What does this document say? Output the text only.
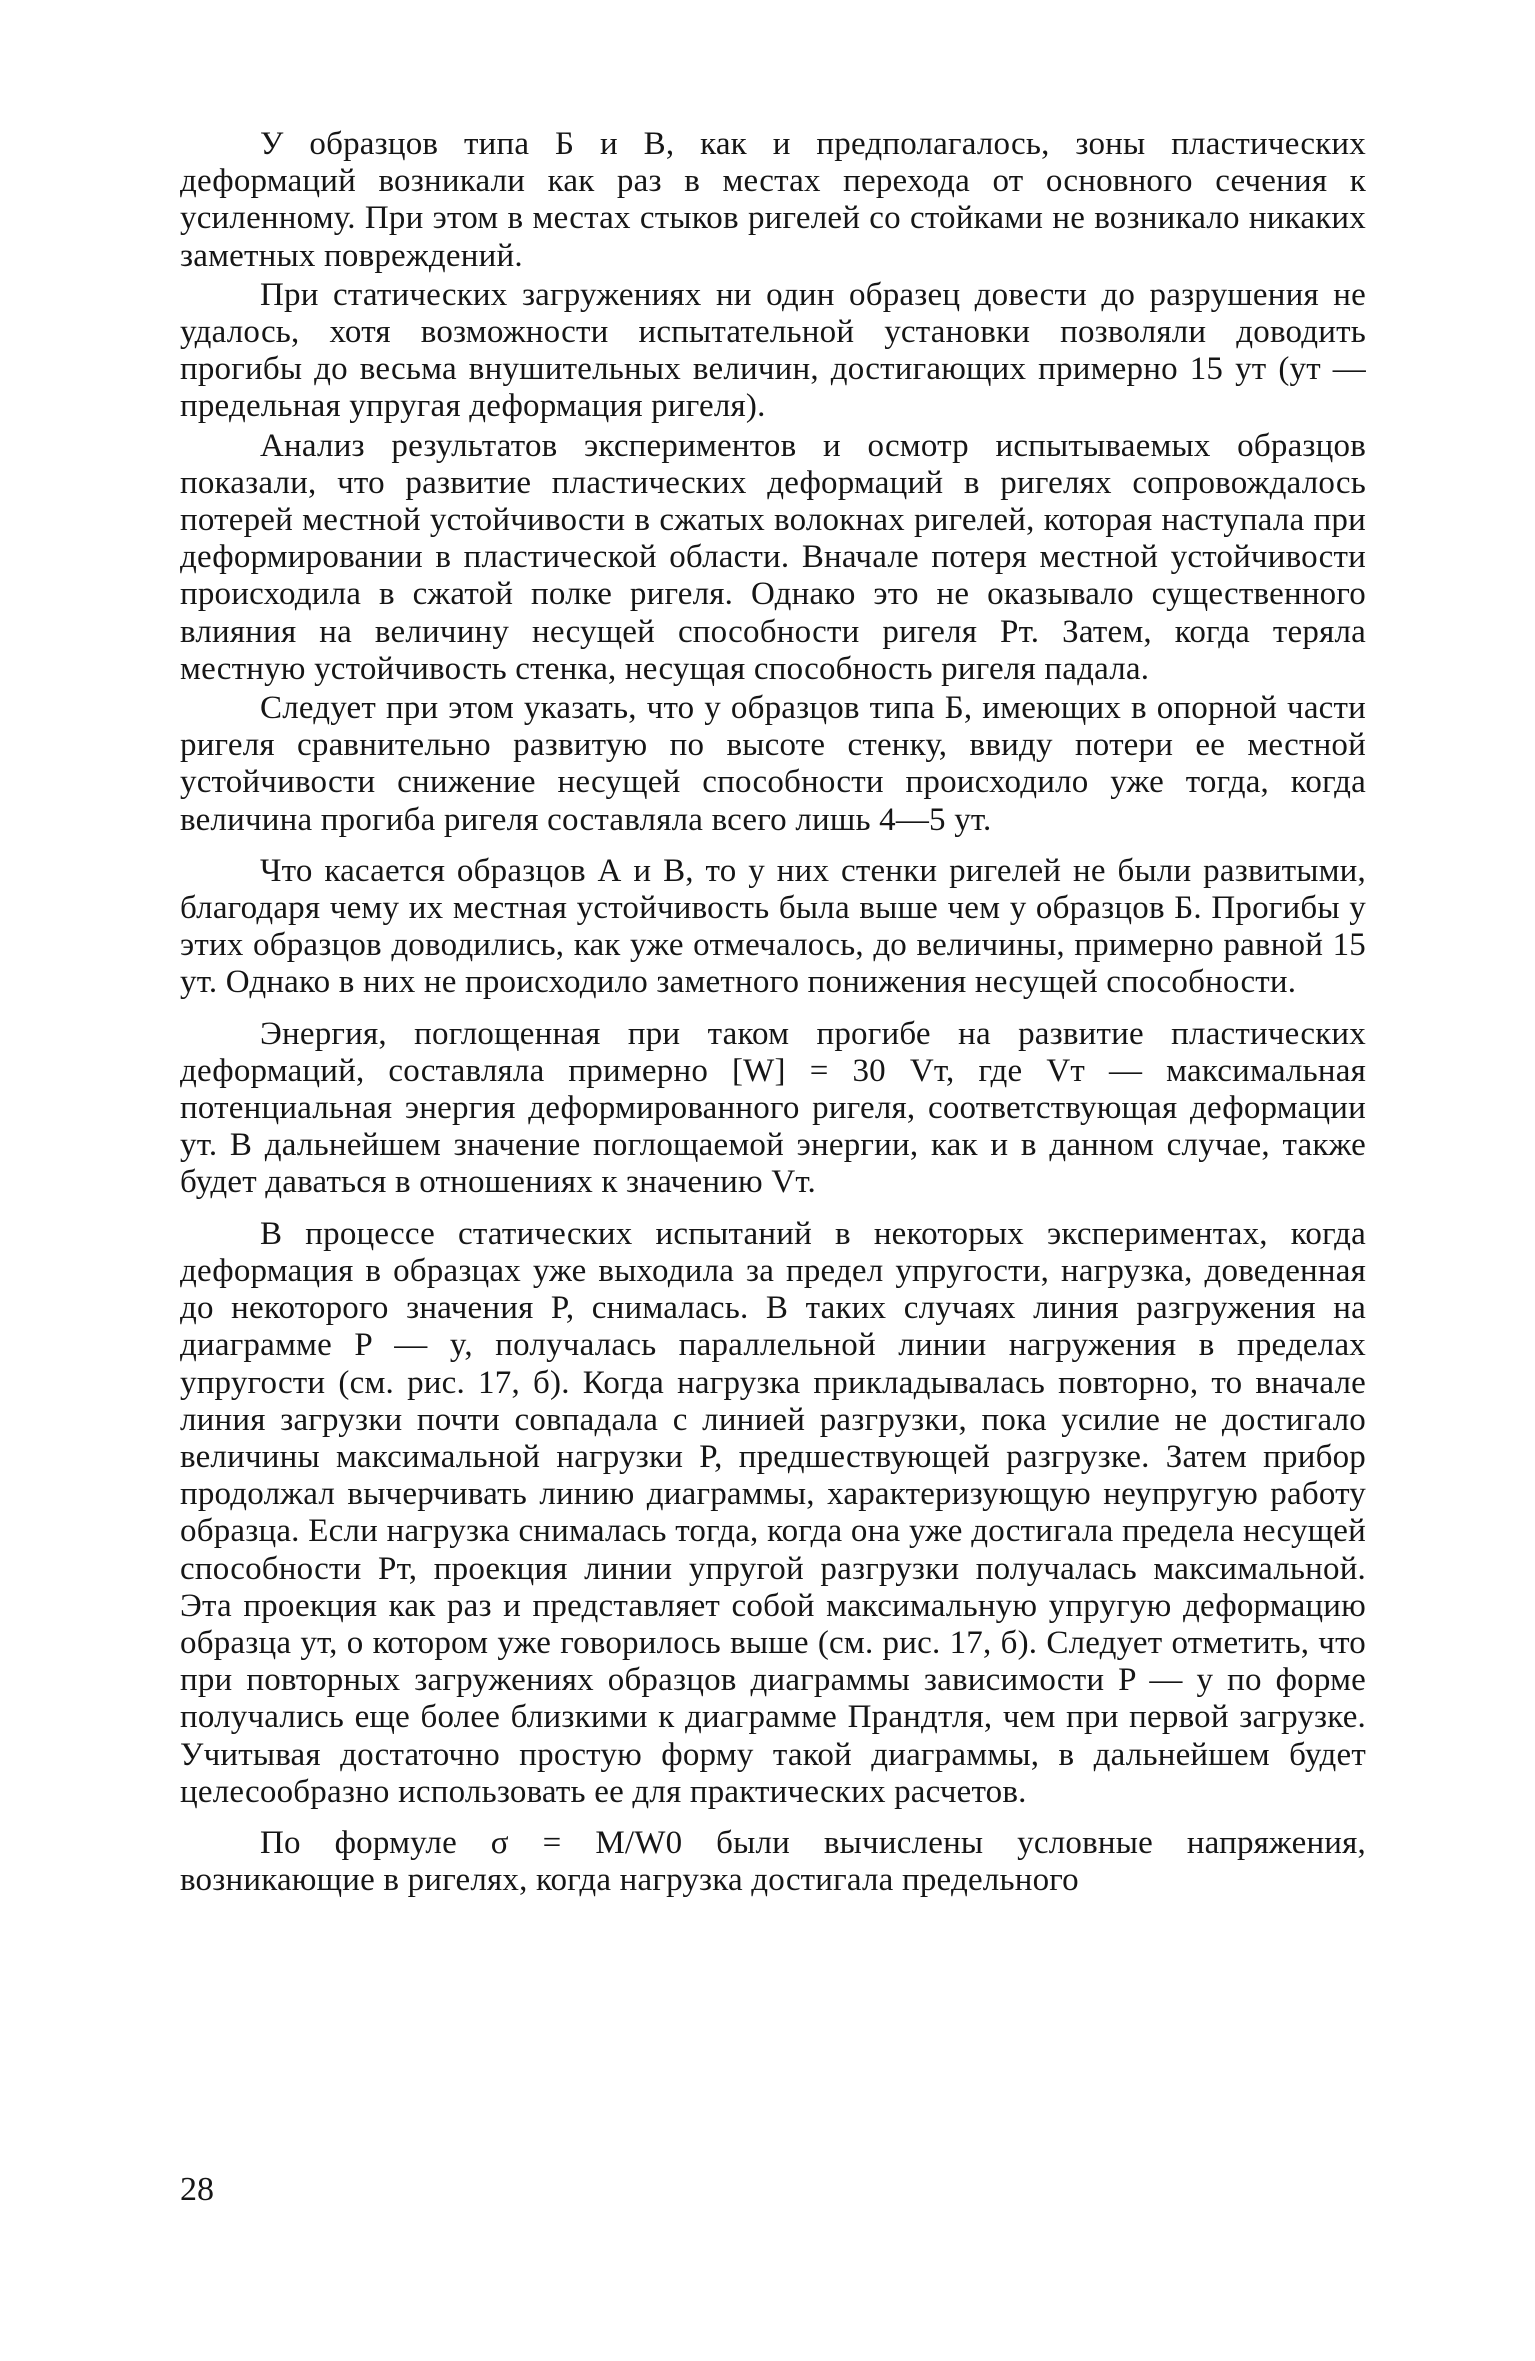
У образцов типа Б и В, как и предполагалось, зоны пластических деформаций возникали как раз в местах перехода от основного сечения к усиленному. При этом в местах стыков ригелей со стойками не возникало никаких заметных повреждений.

При статических загружениях ни один образец довести до разрушения не удалось, хотя возможности испытательной установки позволяли доводить прогибы до весьма внушительных величин, достигающих примерно 15 yт (yт — предельная упругая деформация ригеля).

Анализ результатов экспериментов и осмотр испытываемых образцов показали, что развитие пластических деформаций в ригелях сопровождалось потерей местной устойчивости в сжатых волокнах ригелей, которая наступала при деформировании в пластической области. Вначале потеря местной устойчивости происходила в сжатой полке ригеля. Однако это не оказывало существенного влияния на величину несущей способности ригеля Pт. Затем, когда теряла местную устойчивость стенка, несущая способность ригеля падала.

Следует при этом указать, что у образцов типа Б, имеющих в опорной части ригеля сравнительно развитую по высоте стенку, ввиду потери ее местной устойчивости снижение несущей способности происходило уже тогда, когда величина прогиба ригеля составляла всего лишь 4—5 yт.

Что касается образцов А и В, то у них стенки ригелей не были развитыми, благодаря чему их местная устойчивость была выше чем у образцов Б. Прогибы у этих образцов доводились, как уже отмечалось, до величины, примерно равной 15 yт. Однако в них не происходило заметного понижения несущей способности.

Энергия, поглощенная при таком прогибе на развитие пластических деформаций, составляла примерно [W] = 30 Vт, где Vт — максимальная потенциальная энергия деформированного ригеля, соответствующая деформации yт. В дальнейшем значение поглощаемой энергии, как и в данном случае, также будет даваться в отношениях к значению Vт.

В процессе статических испытаний в некоторых экспериментах, когда деформация в образцах уже выходила за предел упругости, нагрузка, доведенная до некоторого значения P, снималась. В таких случаях линия разгружения на диаграмме P — y, получалась параллельной линии нагружения в пределах упругости (см. рис. 17, б). Когда нагрузка прикладывалась повторно, то вначале линия загрузки почти совпадала с линией разгрузки, пока усилие не достигало величины максимальной нагрузки P, предшествующей разгрузке. Затем прибор продолжал вычерчивать линию диаграммы, характеризующую неупругую работу образца. Если нагрузка снималась тогда, когда она уже достигала предела несущей способности Pт, проекция линии упругой разгрузки получалась максимальной. Эта проекция как раз и представляет собой максимальную упругую деформацию образца yт, о котором уже говорилось выше (см. рис. 17, б). Следует отметить, что при повторных загружениях образцов диаграммы зависимости P — y по форме получались еще более близкими к диаграмме Прандтля, чем при первой загрузке. Учитывая достаточно простую форму такой диаграммы, в дальнейшем будет целесообразно использовать ее для практических расчетов.

По формуле σ = M/W0 были вычислены условные напряжения, возникающие в ригелях, когда нагрузка достигала предельного

28
